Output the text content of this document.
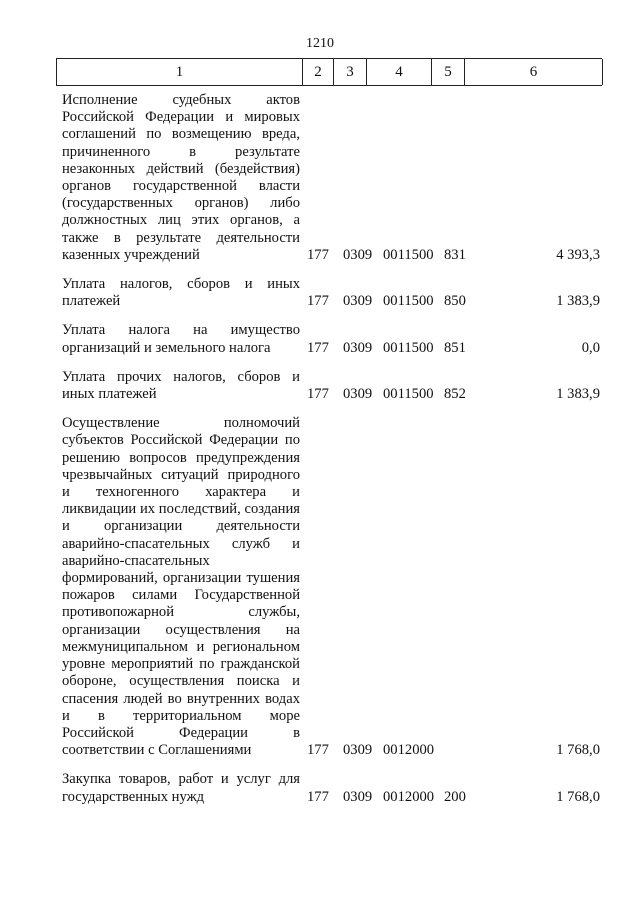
1210
1	2	3	4	5	6
Исполнение судебных актов Российской Федерации и мировых соглашений по возмещению вреда, причиненного в результате незаконных действий (бездействия) органов государственной власти (государственных органов) либо должностных лиц этих органов, а также в результате деятельности казенных учреждений	177 0309 0011500 831	4 393,3
Уплата налогов, сборов и иных платежей	177 0309 0011500 850	1 383,9
Уплата налога на имущество организаций и земельного налога	177 0309 0011500 851	0,0
Уплата прочих налогов, сборов и иных платежей	177 0309 0011500 852	1 383,9
Осуществление полномочий субъектов Российской Федерации по решению вопросов предупреждения чрезвычайных ситуаций природного и техногенного характера и ликвидации их последствий, создания и организации деятельности аварийно-спасательных служб и аварийно-спасательных формирований, организации тушения пожаров силами Государственной противопожарной службы, организации осуществления на межмуниципальном и региональном уровне мероприятий по гражданской обороне, осуществления поиска и спасения людей во внутренних водах и в территориальном море Российской Федерации в соответствии с Соглашениями	177 0309 0012000	1 768,0
Закупка товаров, работ и услуг для государственных нужд	177 0309 0012000 200	1 768,0
